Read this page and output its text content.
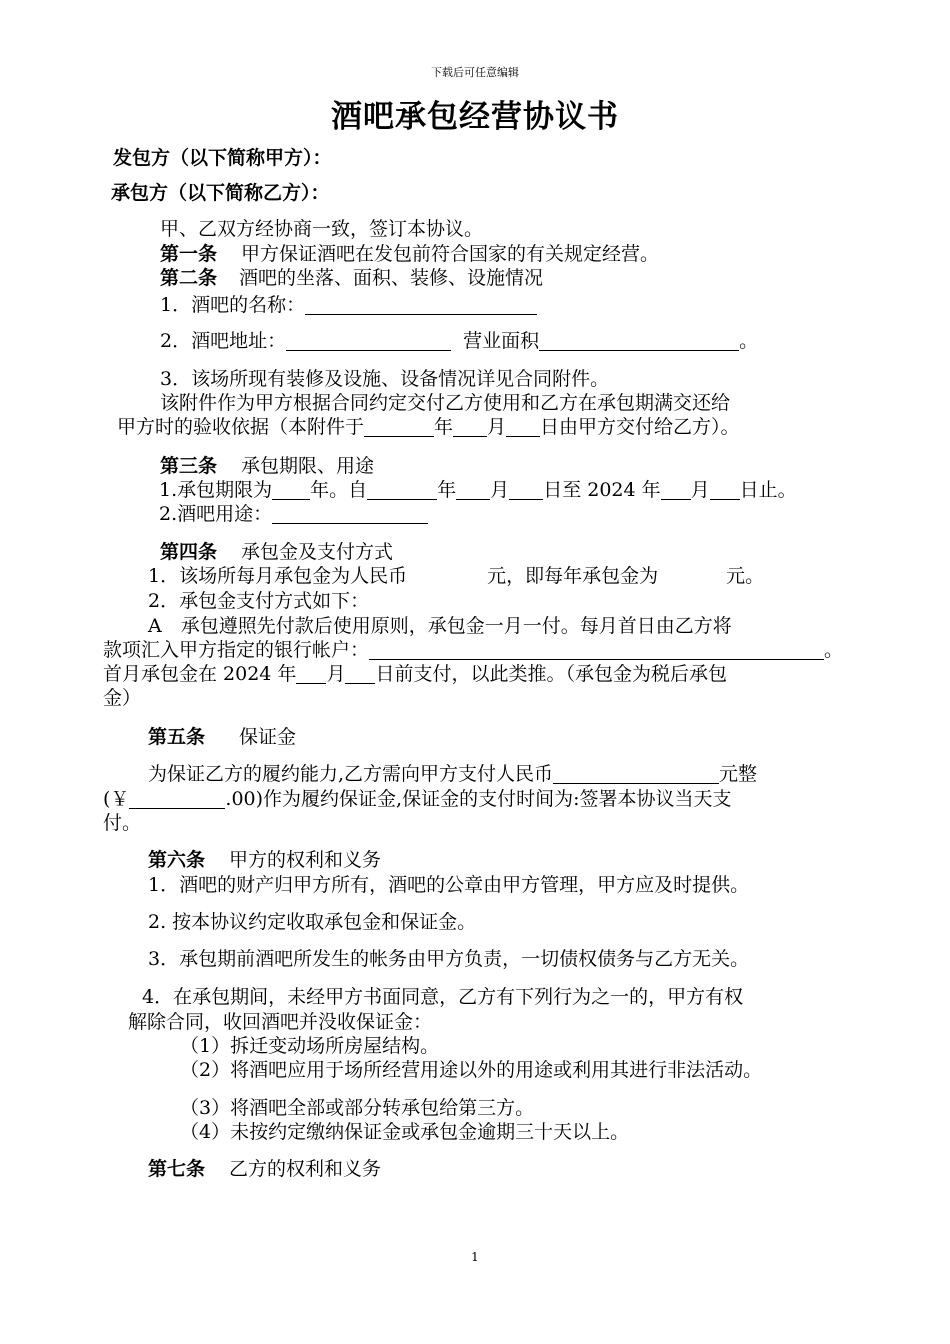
下载后可任意编辑
酒吧承包经营协议书
发包方（以下简称甲方）：
承包方（以下简称乙方）：
甲、乙双方经协商一致，签订本协议。
第一条 甲方保证酒吧在发包前符合国家的有关规定经营。
第二条 酒吧的坐落、面积、装修、设施情况
1．酒吧的名称：
2．酒吧地址：	营业面积	。
3．该场所现有装修及设施、设备情况详见合同附件。
该附件作为甲方根据合同约定交付乙方使用和乙方在承包期满交还给
甲方时的验收依据（本附件于	年 月 日由甲方交付给乙方）。
第三条 承包期限、用途
1.承包期限为 年。自	年 月 日至 2024 年 月 日止。
2.酒吧用途：
第四条 承包金及支付方式
1．该场所每月承包金为人民币	元，即每年承包金为	元。
2．承包金支付方式如下：
A　承包遵照先付款后使用原则，承包金一月一付。每月首日由乙方将
款项汇入甲方指定的银行帐户：	。
首月承包金在 2024 年 月 日前支付，以此类推。（承包金为税后承包
金）
第五条 保证金
为保证乙方的履约能力,乙方需向甲方支付人民币	元整
(￥	.00)作为履约保证金,保证金的支付时间为:签署本协议当天支
付。
第六条 甲方的权利和义务
1．酒吧的财产归甲方所有，酒吧的公章由甲方管理，甲方应及时提供。
2. 按本协议约定收取承包金和保证金。
3．承包期前酒吧所发生的帐务由甲方负责，一切债权债务与乙方无关。
4．在承包期间，未经甲方书面同意，乙方有下列行为之一的，甲方有权
解除合同，收回酒吧并没收保证金：
（1）拆迁变动场所房屋结构。
（2）将酒吧应用于场所经营用途以外的用途或利用其进行非法活动。
（3）将酒吧全部或部分转承包给第三方。
（4）未按约定缴纳保证金或承包金逾期三十天以上。
第七条 乙方的权利和义务
1
